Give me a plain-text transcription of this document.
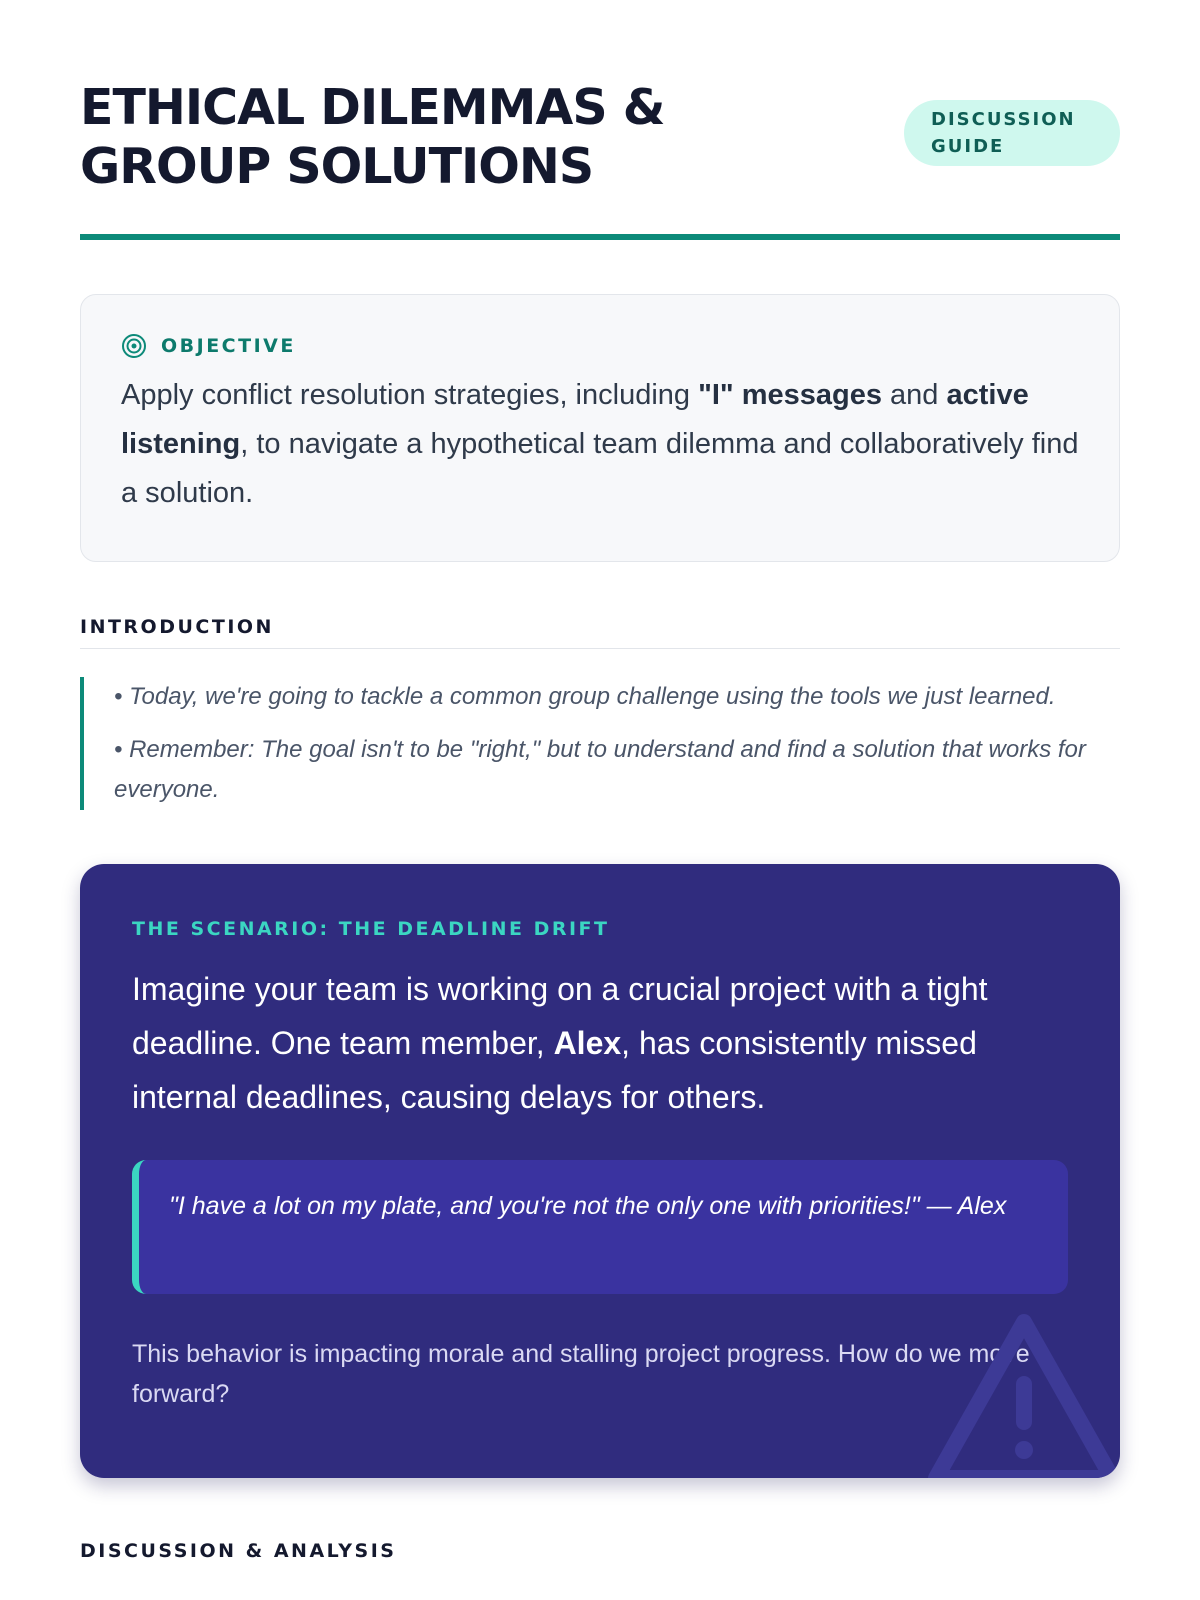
ETHICAL DILEMMAS & GROUP SOLUTIONS
DISCUSSION GUIDE
OBJECTIVE

Apply conflict resolution strategies, including "I" messages and active listening, to navigate a hypothetical team dilemma and collaboratively find a solution.

INTRODUCTION

• Today, we're going to tackle a common group challenge using the tools we just learned.

• Remember: The goal isn't to be "right," but to understand and find a solution that works for everyone.

THE SCENARIO: THE DEADLINE DRIFT

Imagine your team is working on a crucial project with a tight deadline. One team member, Alex, has consistently missed internal deadlines, causing delays for others.

"I have a lot on my plate, and you're not the only one with priorities!" — Alex

This behavior is impacting morale and stalling project progress. How do we move forward?

DISCUSSION & ANALYSIS
